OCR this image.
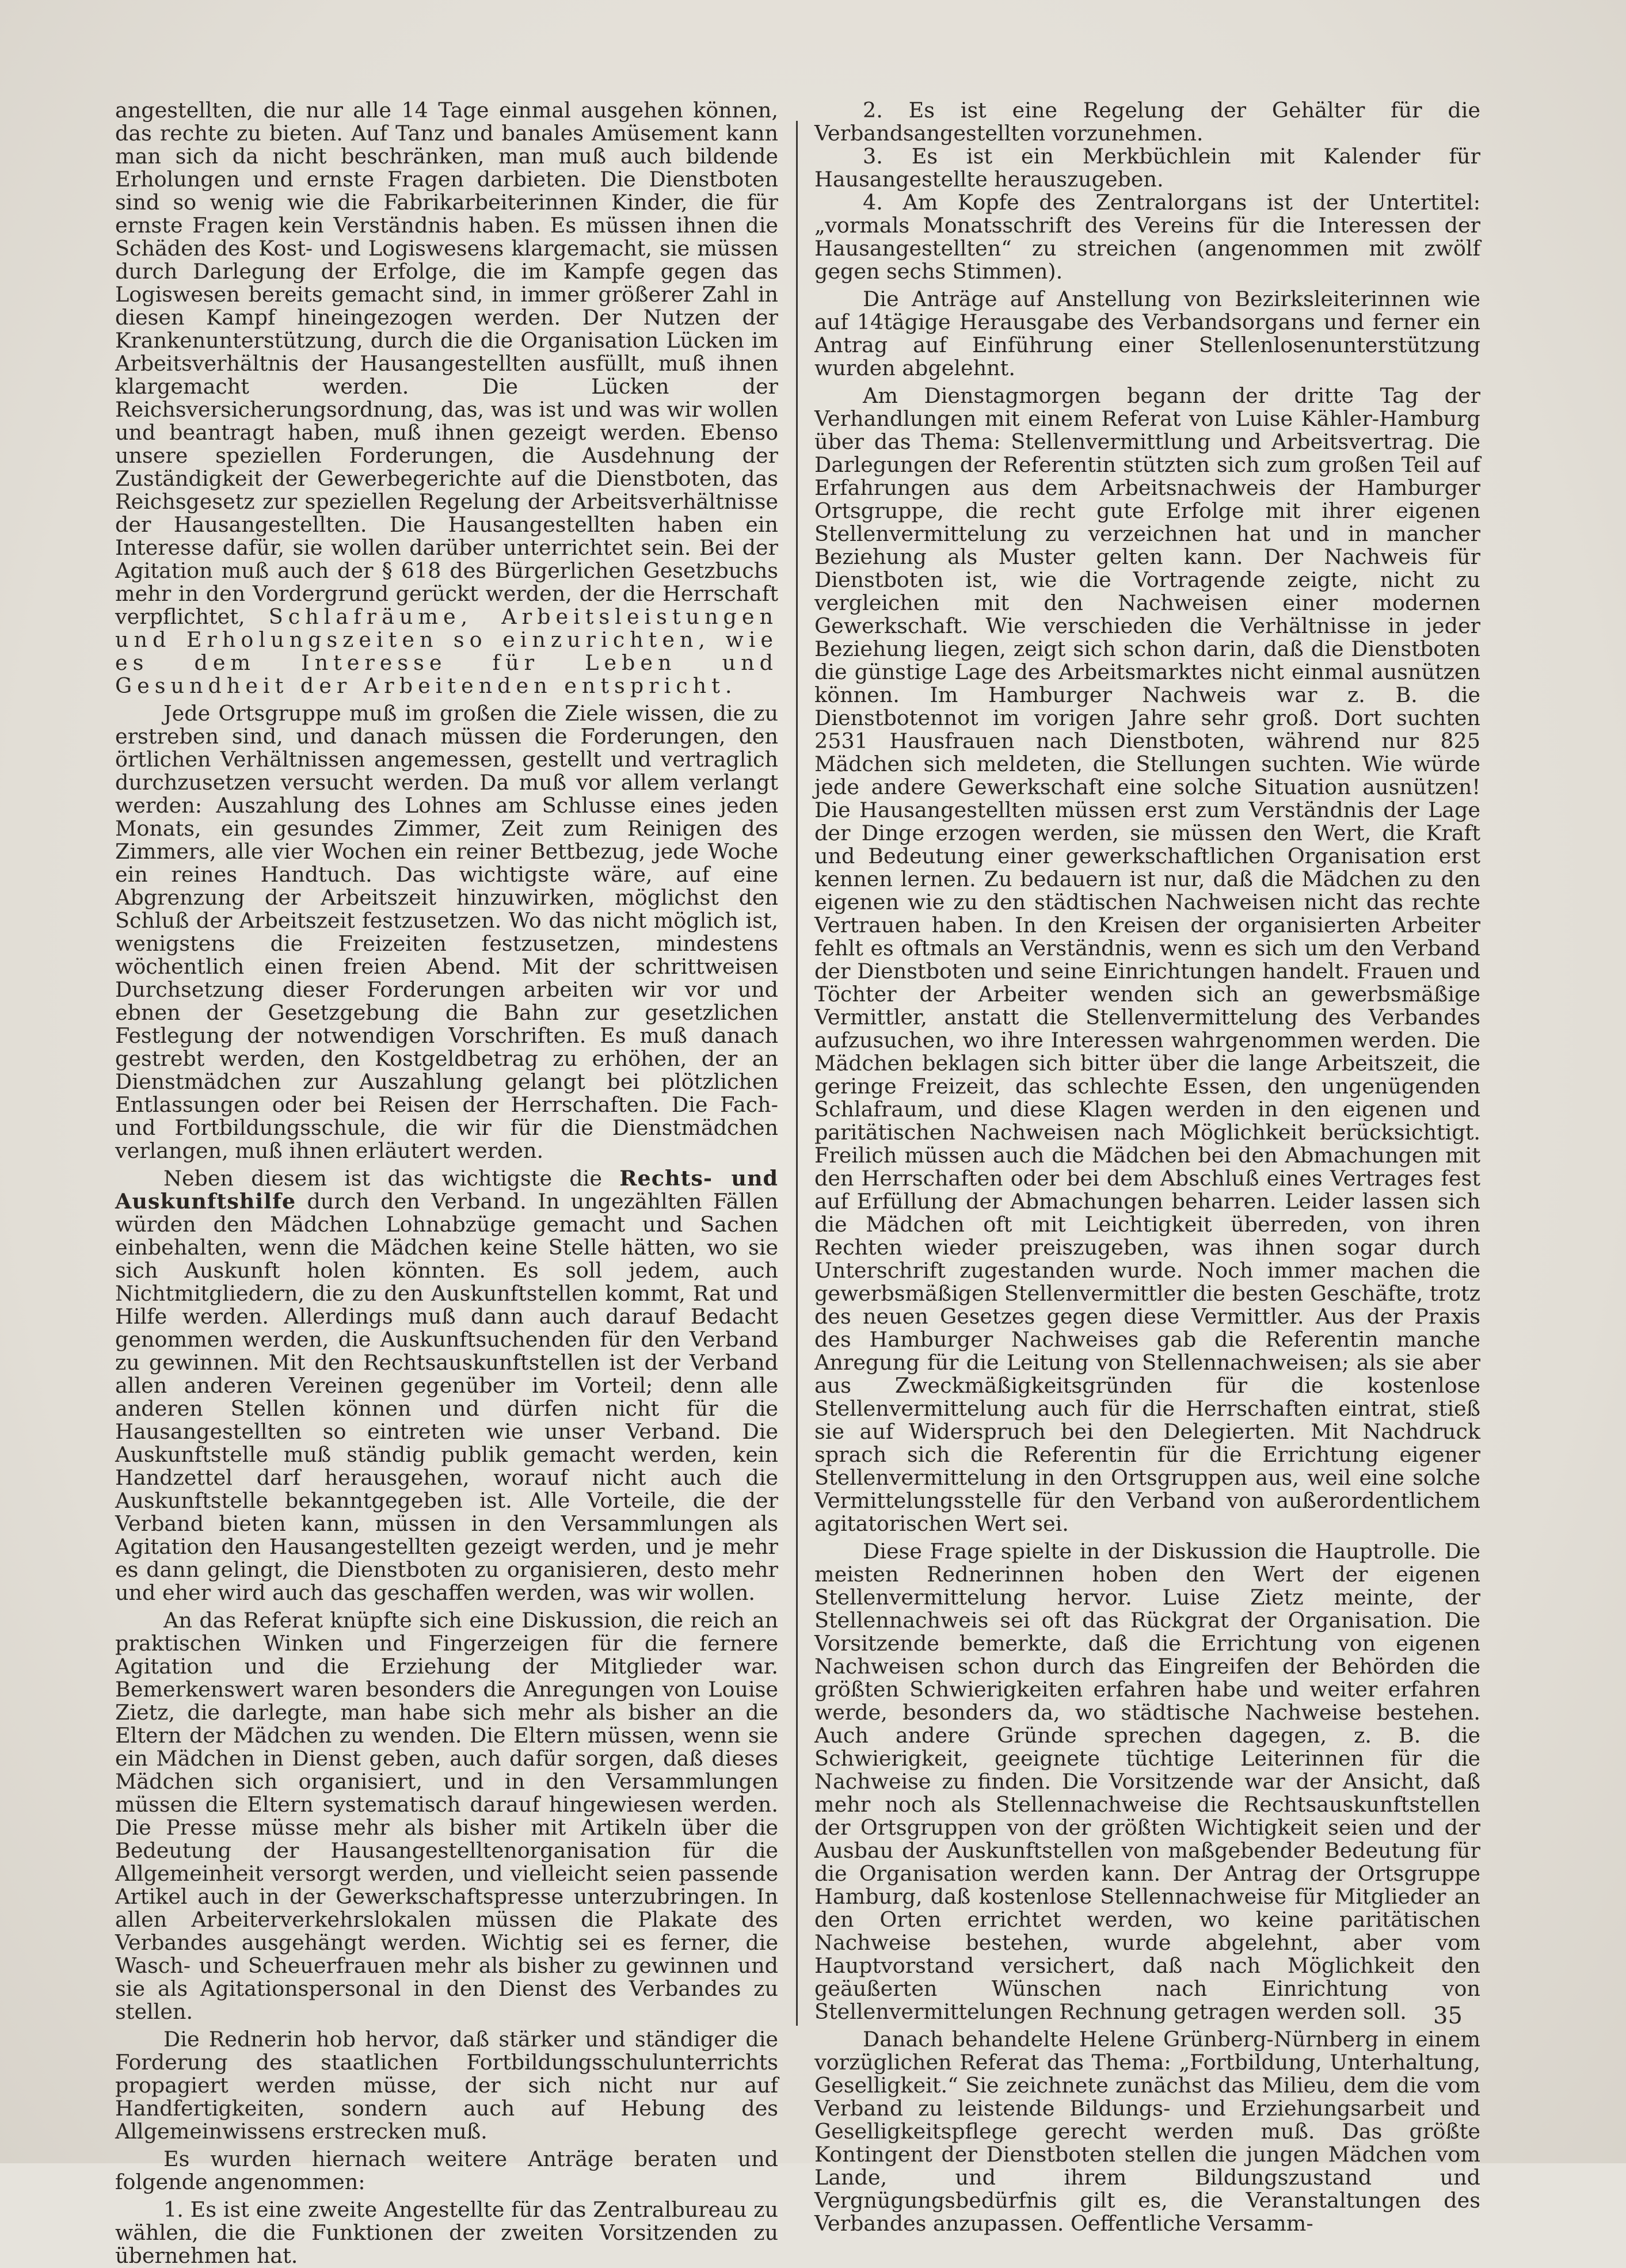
angestellten, die nur alle 14 Tage einmal ausgehen können, das rechte zu bieten. Auf Tanz und banales Amüsement kann man sich da nicht beschränken, man muß auch bildende Erholungen und ernste Fragen darbieten. Die Dienstboten sind so wenig wie die Fabrikarbeiterinnen Kinder, die für ernste Fragen kein Verständnis haben. Es müssen ihnen die Schäden des Kost- und Logiswesens klargemacht, sie müssen durch Darlegung der Erfolge, die im Kampfe gegen das Logiswesen bereits gemacht sind, in immer größerer Zahl in diesen Kampf hineingezogen werden. Der Nutzen der Krankenunterstützung, durch die die Organisation Lücken im Arbeitsverhältnis der Hausangestellten ausfüllt, muß ihnen klargemacht werden. Die Lücken der Reichsversicherungsordnung, das, was ist und was wir wollen und beantragt haben, muß ihnen gezeigt werden. Ebenso unsere speziellen Forderungen, die Ausdehnung der Zuständigkeit der Gewerbegerichte auf die Dienstboten, das Reichsgesetz zur speziellen Regelung der Arbeitsverhältnisse der Hausangestellten. Die Hausangestellten haben ein Interesse dafür, sie wollen darüber unterrichtet sein. Bei der Agitation muß auch der § 618 des Bürgerlichen Gesetzbuchs mehr in den Vordergrund gerückt werden, der die Herrschaft verpflichtet, Schlafräume, Arbeitsleistungen und Erholungszeiten so einzurichten, wie es dem Interesse für Leben und Gesundheit der Arbeitenden entspricht.

Jede Ortsgruppe muß im großen die Ziele wissen, die zu erstreben sind, und danach müssen die Forderungen, den örtlichen Verhältnissen angemessen, gestellt und vertraglich durchzusetzen versucht werden. Da muß vor allem verlangt werden: Auszahlung des Lohnes am Schlusse eines jeden Monats, ein gesundes Zimmer, Zeit zum Reinigen des Zimmers, alle vier Wochen ein reiner Bettbezug, jede Woche ein reines Handtuch. Das wichtigste wäre, auf eine Abgrenzung der Arbeitszeit hinzuwirken, möglichst den Schluß der Arbeitszeit festzusetzen. Wo das nicht möglich ist, wenigstens die Freizeiten festzusetzen, mindestens wöchentlich einen freien Abend. Mit der schrittweisen Durchsetzung dieser Forderungen arbeiten wir vor und ebnen der Gesetzgebung die Bahn zur gesetzlichen Festlegung der notwendigen Vorschriften. Es muß danach gestrebt werden, den Kostgeldbetrag zu erhöhen, der an Dienstmädchen zur Auszahlung gelangt bei plötzlichen Entlassungen oder bei Reisen der Herrschaften. Die Fach- und Fortbildungsschule, die wir für die Dienstmädchen verlangen, muß ihnen erläutert werden.

Neben diesem ist das wichtigste die Rechts- und Auskunftshilfe durch den Verband. In ungezählten Fällen würden den Mädchen Lohnabzüge gemacht und Sachen einbehalten, wenn die Mädchen keine Stelle hätten, wo sie sich Auskunft holen könnten. Es soll jedem, auch Nichtmitgliedern, die zu den Auskunftstellen kommt, Rat und Hilfe werden. Allerdings muß dann auch darauf Bedacht genommen werden, die Auskunftsuchenden für den Verband zu gewinnen. Mit den Rechtsauskunftstellen ist der Verband allen anderen Vereinen gegenüber im Vorteil; denn alle anderen Stellen können und dürfen nicht für die Hausangestellten so eintreten wie unser Verband. Die Auskunftstelle muß ständig publik gemacht werden, kein Handzettel darf herausgehen, worauf nicht auch die Auskunftstelle bekanntgegeben ist. Alle Vorteile, die der Verband bieten kann, müssen in den Versammlungen als Agitation den Hausangestellten gezeigt werden, und je mehr es dann gelingt, die Dienstboten zu organisieren, desto mehr und eher wird auch das geschaffen werden, was wir wollen.

An das Referat knüpfte sich eine Diskussion, die reich an praktischen Winken und Fingerzeigen für die fernere Agitation und die Erziehung der Mitglieder war. Bemerkenswert waren besonders die Anregungen von Louise Zietz, die darlegte, man habe sich mehr als bisher an die Eltern der Mädchen zu wenden. Die Eltern müssen, wenn sie ein Mädchen in Dienst geben, auch dafür sorgen, daß dieses Mädchen sich organisiert, und in den Versammlungen müssen die Eltern systematisch darauf hingewiesen werden. Die Presse müsse mehr als bisher mit Artikeln über die Bedeutung der Hausangestelltenorganisation für die Allgemeinheit versorgt werden, und vielleicht seien passende Artikel auch in der Gewerkschaftspresse unterzubringen. In allen Arbeiterverkehrslokalen müssen die Plakate des Verbandes ausgehängt werden. Wichtig sei es ferner, die Wasch- und Scheuerfrauen mehr als bisher zu gewinnen und sie als Agitationspersonal in den Dienst des Verbandes zu stellen.

Die Rednerin hob hervor, daß stärker und ständiger die Forderung des staatlichen Fortbildungsschulunterrichts propagiert werden müsse, der sich nicht nur auf Handfertigkeiten, sondern auch auf Hebung des Allgemeinwissens erstrecken muß.

Es wurden hiernach weitere Anträge beraten und folgende angenommen:

1. Es ist eine zweite Angestellte für das Zentralbureau zu wählen, die die Funktionen der zweiten Vorsitzenden zu übernehmen hat.

2. Es ist eine Regelung der Gehälter für die Verbandsangestellten vorzunehmen.

3. Es ist ein Merkbüchlein mit Kalender für Hausangestellte herauszugeben.

4. Am Kopfe des Zentralorgans ist der Untertitel: „vormals Monatsschrift des Vereins für die Interessen der Hausangestellten“ zu streichen (angenommen mit zwölf gegen sechs Stimmen).

Die Anträge auf Anstellung von Bezirksleiterinnen wie auf 14tägige Herausgabe des Verbandsorgans und ferner ein Antrag auf Einführung einer Stellenlosenunterstützung wurden abgelehnt.

Am Dienstagmorgen begann der dritte Tag der Verhandlungen mit einem Referat von Luise Kähler-Hamburg über das Thema: Stellenvermittlung und Arbeitsvertrag. Die Darlegungen der Referentin stützten sich zum großen Teil auf Erfahrungen aus dem Arbeitsnachweis der Hamburger Ortsgruppe, die recht gute Erfolge mit ihrer eigenen Stellenvermittelung zu verzeichnen hat und in mancher Beziehung als Muster gelten kann. Der Nachweis für Dienstboten ist, wie die Vortragende zeigte, nicht zu vergleichen mit den Nachweisen einer modernen Gewerkschaft. Wie verschieden die Verhältnisse in jeder Beziehung liegen, zeigt sich schon darin, daß die Dienstboten die günstige Lage des Arbeitsmarktes nicht einmal ausnützen können. Im Hamburger Nachweis war z. B. die Dienstbotennot im vorigen Jahre sehr groß. Dort suchten 2531 Hausfrauen nach Dienstboten, während nur 825 Mädchen sich meldeten, die Stellungen suchten. Wie würde jede andere Gewerkschaft eine solche Situation ausnützen! Die Hausangestellten müssen erst zum Verständnis der Lage der Dinge erzogen werden, sie müssen den Wert, die Kraft und Bedeutung einer gewerkschaftlichen Organisation erst kennen lernen. Zu bedauern ist nur, daß die Mädchen zu den eigenen wie zu den städtischen Nachweisen nicht das rechte Vertrauen haben. In den Kreisen der organisierten Arbeiter fehlt es oftmals an Verständnis, wenn es sich um den Verband der Dienstboten und seine Einrichtungen handelt. Frauen und Töchter der Arbeiter wenden sich an gewerbsmäßige Vermittler, anstatt die Stellenvermittelung des Verbandes aufzusuchen, wo ihre Interessen wahrgenommen werden. Die Mädchen beklagen sich bitter über die lange Arbeitszeit, die geringe Freizeit, das schlechte Essen, den ungenügenden Schlafraum, und diese Klagen werden in den eigenen und paritätischen Nachweisen nach Möglichkeit berücksichtigt. Freilich müssen auch die Mädchen bei den Abmachungen mit den Herrschaften oder bei dem Abschluß eines Vertrages fest auf Erfüllung der Abmachungen beharren. Leider lassen sich die Mädchen oft mit Leichtigkeit überreden, von ihren Rechten wieder preiszugeben, was ihnen sogar durch Unterschrift zugestanden wurde. Noch immer machen die gewerbsmäßigen Stellenvermittler die besten Geschäfte, trotz des neuen Gesetzes gegen diese Vermittler. Aus der Praxis des Hamburger Nachweises gab die Referentin manche Anregung für die Leitung von Stellennachweisen; als sie aber aus Zweckmäßigkeitsgründen für die kostenlose Stellenvermittelung auch für die Herrschaften eintrat, stieß sie auf Widerspruch bei den Delegierten. Mit Nachdruck sprach sich die Referentin für die Errichtung eigener Stellenvermittelung in den Ortsgruppen aus, weil eine solche Vermittelungsstelle für den Verband von außerordentlichem agitatorischen Wert sei.

Diese Frage spielte in der Diskussion die Hauptrolle. Die meisten Rednerinnen hoben den Wert der eigenen Stellenvermittelung hervor. Luise Zietz meinte, der Stellennachweis sei oft das Rückgrat der Organisation. Die Vorsitzende bemerkte, daß die Errichtung von eigenen Nachweisen schon durch das Eingreifen der Behörden die größten Schwierigkeiten erfahren habe und weiter erfahren werde, besonders da, wo städtische Nachweise bestehen. Auch andere Gründe sprechen dagegen, z. B. die Schwierigkeit, geeignete tüchtige Leiterinnen für die Nachweise zu finden. Die Vorsitzende war der Ansicht, daß mehr noch als Stellennachweise die Rechtsauskunftstellen der Ortsgruppen von der größten Wichtigkeit seien und der Ausbau der Auskunftstellen von maßgebender Bedeutung für die Organisation werden kann. Der Antrag der Ortsgruppe Hamburg, daß kostenlose Stellennachweise für Mitglieder an den Orten errichtet werden, wo keine paritätischen Nachweise bestehen, wurde abgelehnt, aber vom Hauptvorstand versichert, daß nach Möglichkeit den geäußerten Wünschen nach Einrichtung von Stellenvermittelungen Rechnung getragen werden soll.

Danach behandelte Helene Grünberg-Nürnberg in einem vorzüglichen Referat das Thema: „Fortbildung, Unterhaltung, Geselligkeit.“ Sie zeichnete zunächst das Milieu, dem die vom Verband zu leistende Bildungs- und Erziehungsarbeit und Geselligkeitspflege gerecht werden muß. Das größte Kontingent der Dienstboten stellen die jungen Mädchen vom Lande, und ihrem Bildungszustand und Vergnügungsbedürfnis gilt es, die Veranstaltungen des Verbandes anzupassen. Oeffentliche Versamm-

35
